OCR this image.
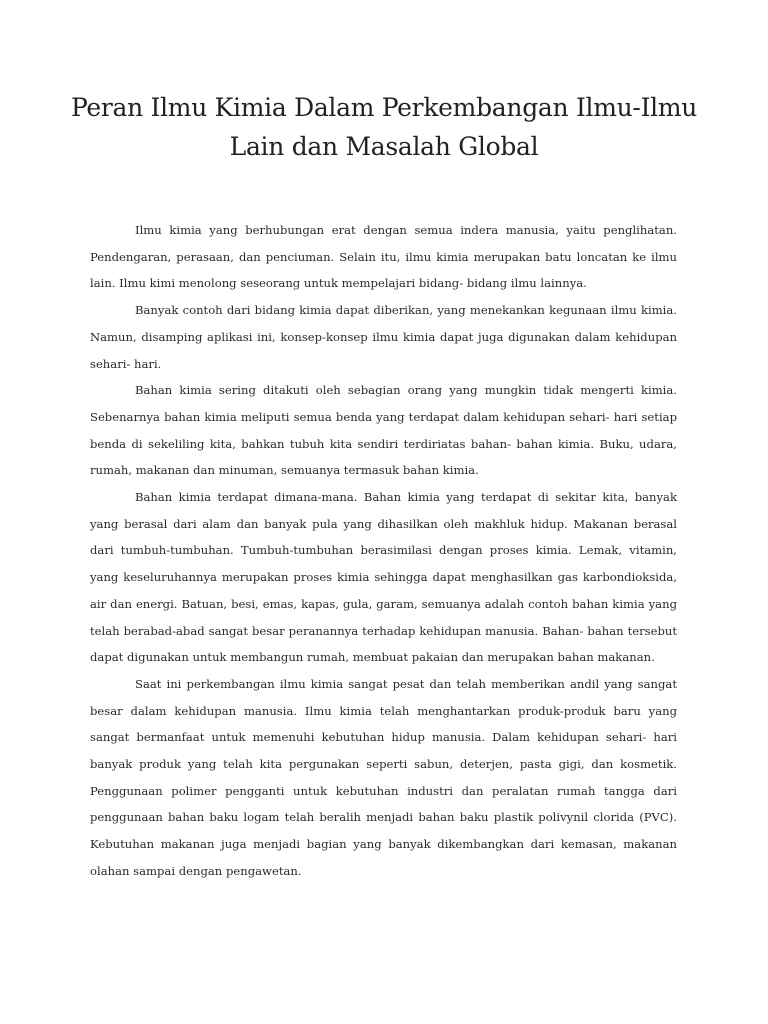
Peran Ilmu Kimia Dalam Perkembangan Ilmu-Ilmu Lain dan Masalah Global

Ilmu kimia yang berhubungan erat dengan semua indera manusia, yaitu penglihatan. Pendengaran, perasaan, dan penciuman. Selain itu, ilmu kimia merupakan batu loncatan ke ilmu lain. Ilmu kimi menolong seseorang untuk mempelajari bidang- bidang ilmu lainnya.

Banyak contoh dari bidang kimia dapat diberikan, yang menekankan kegunaan ilmu kimia. Namun, disamping aplikasi ini, konsep-konsep ilmu kimia dapat juga digunakan dalam kehidupan sehari- hari.

Bahan kimia sering ditakuti oleh sebagian orang yang mungkin tidak mengerti kimia. Sebenarnya bahan kimia meliputi semua benda yang terdapat dalam kehidupan sehari- hari setiap benda di sekeliling kita, bahkan tubuh kita sendiri terdiriatas bahan- bahan kimia. Buku, udara, rumah, makanan dan minuman, semuanya termasuk bahan kimia.

Bahan kimia terdapat dimana-mana. Bahan kimia yang terdapat di sekitar kita, banyak yang berasal dari alam dan banyak pula yang dihasilkan oleh makhluk hidup. Makanan berasal dari tumbuh-tumbuhan. Tumbuh-tumbuhan berasimilasi dengan proses kimia. Lemak, vitamin, yang keseluruhannya merupakan proses kimia sehingga dapat menghasilkan gas karbondioksida, air dan energi. Batuan, besi, emas, kapas, gula, garam, semuanya adalah contoh bahan kimia yang telah berabad-abad sangat besar peranannya terhadap kehidupan manusia. Bahan- bahan tersebut dapat digunakan untuk membangun rumah, membuat pakaian dan merupakan bahan makanan.

Saat ini perkembangan ilmu kimia sangat pesat dan telah memberikan andil yang sangat besar dalam kehidupan manusia. Ilmu kimia telah menghantarkan produk-produk baru yang sangat bermanfaat untuk memenuhi kebutuhan hidup manusia. Dalam kehidupan sehari- hari banyak produk yang telah kita pergunakan seperti sabun, deterjen, pasta gigi, dan kosmetik. Penggunaan polimer pengganti untuk kebutuhan industri dan peralatan rumah tangga dari penggunaan bahan baku logam telah beralih menjadi bahan baku plastik polivynil clorida (PVC). Kebutuhan makanan juga menjadi bagian yang banyak dikembangkan dari kemasan, makanan olahan sampai dengan pengawetan.
